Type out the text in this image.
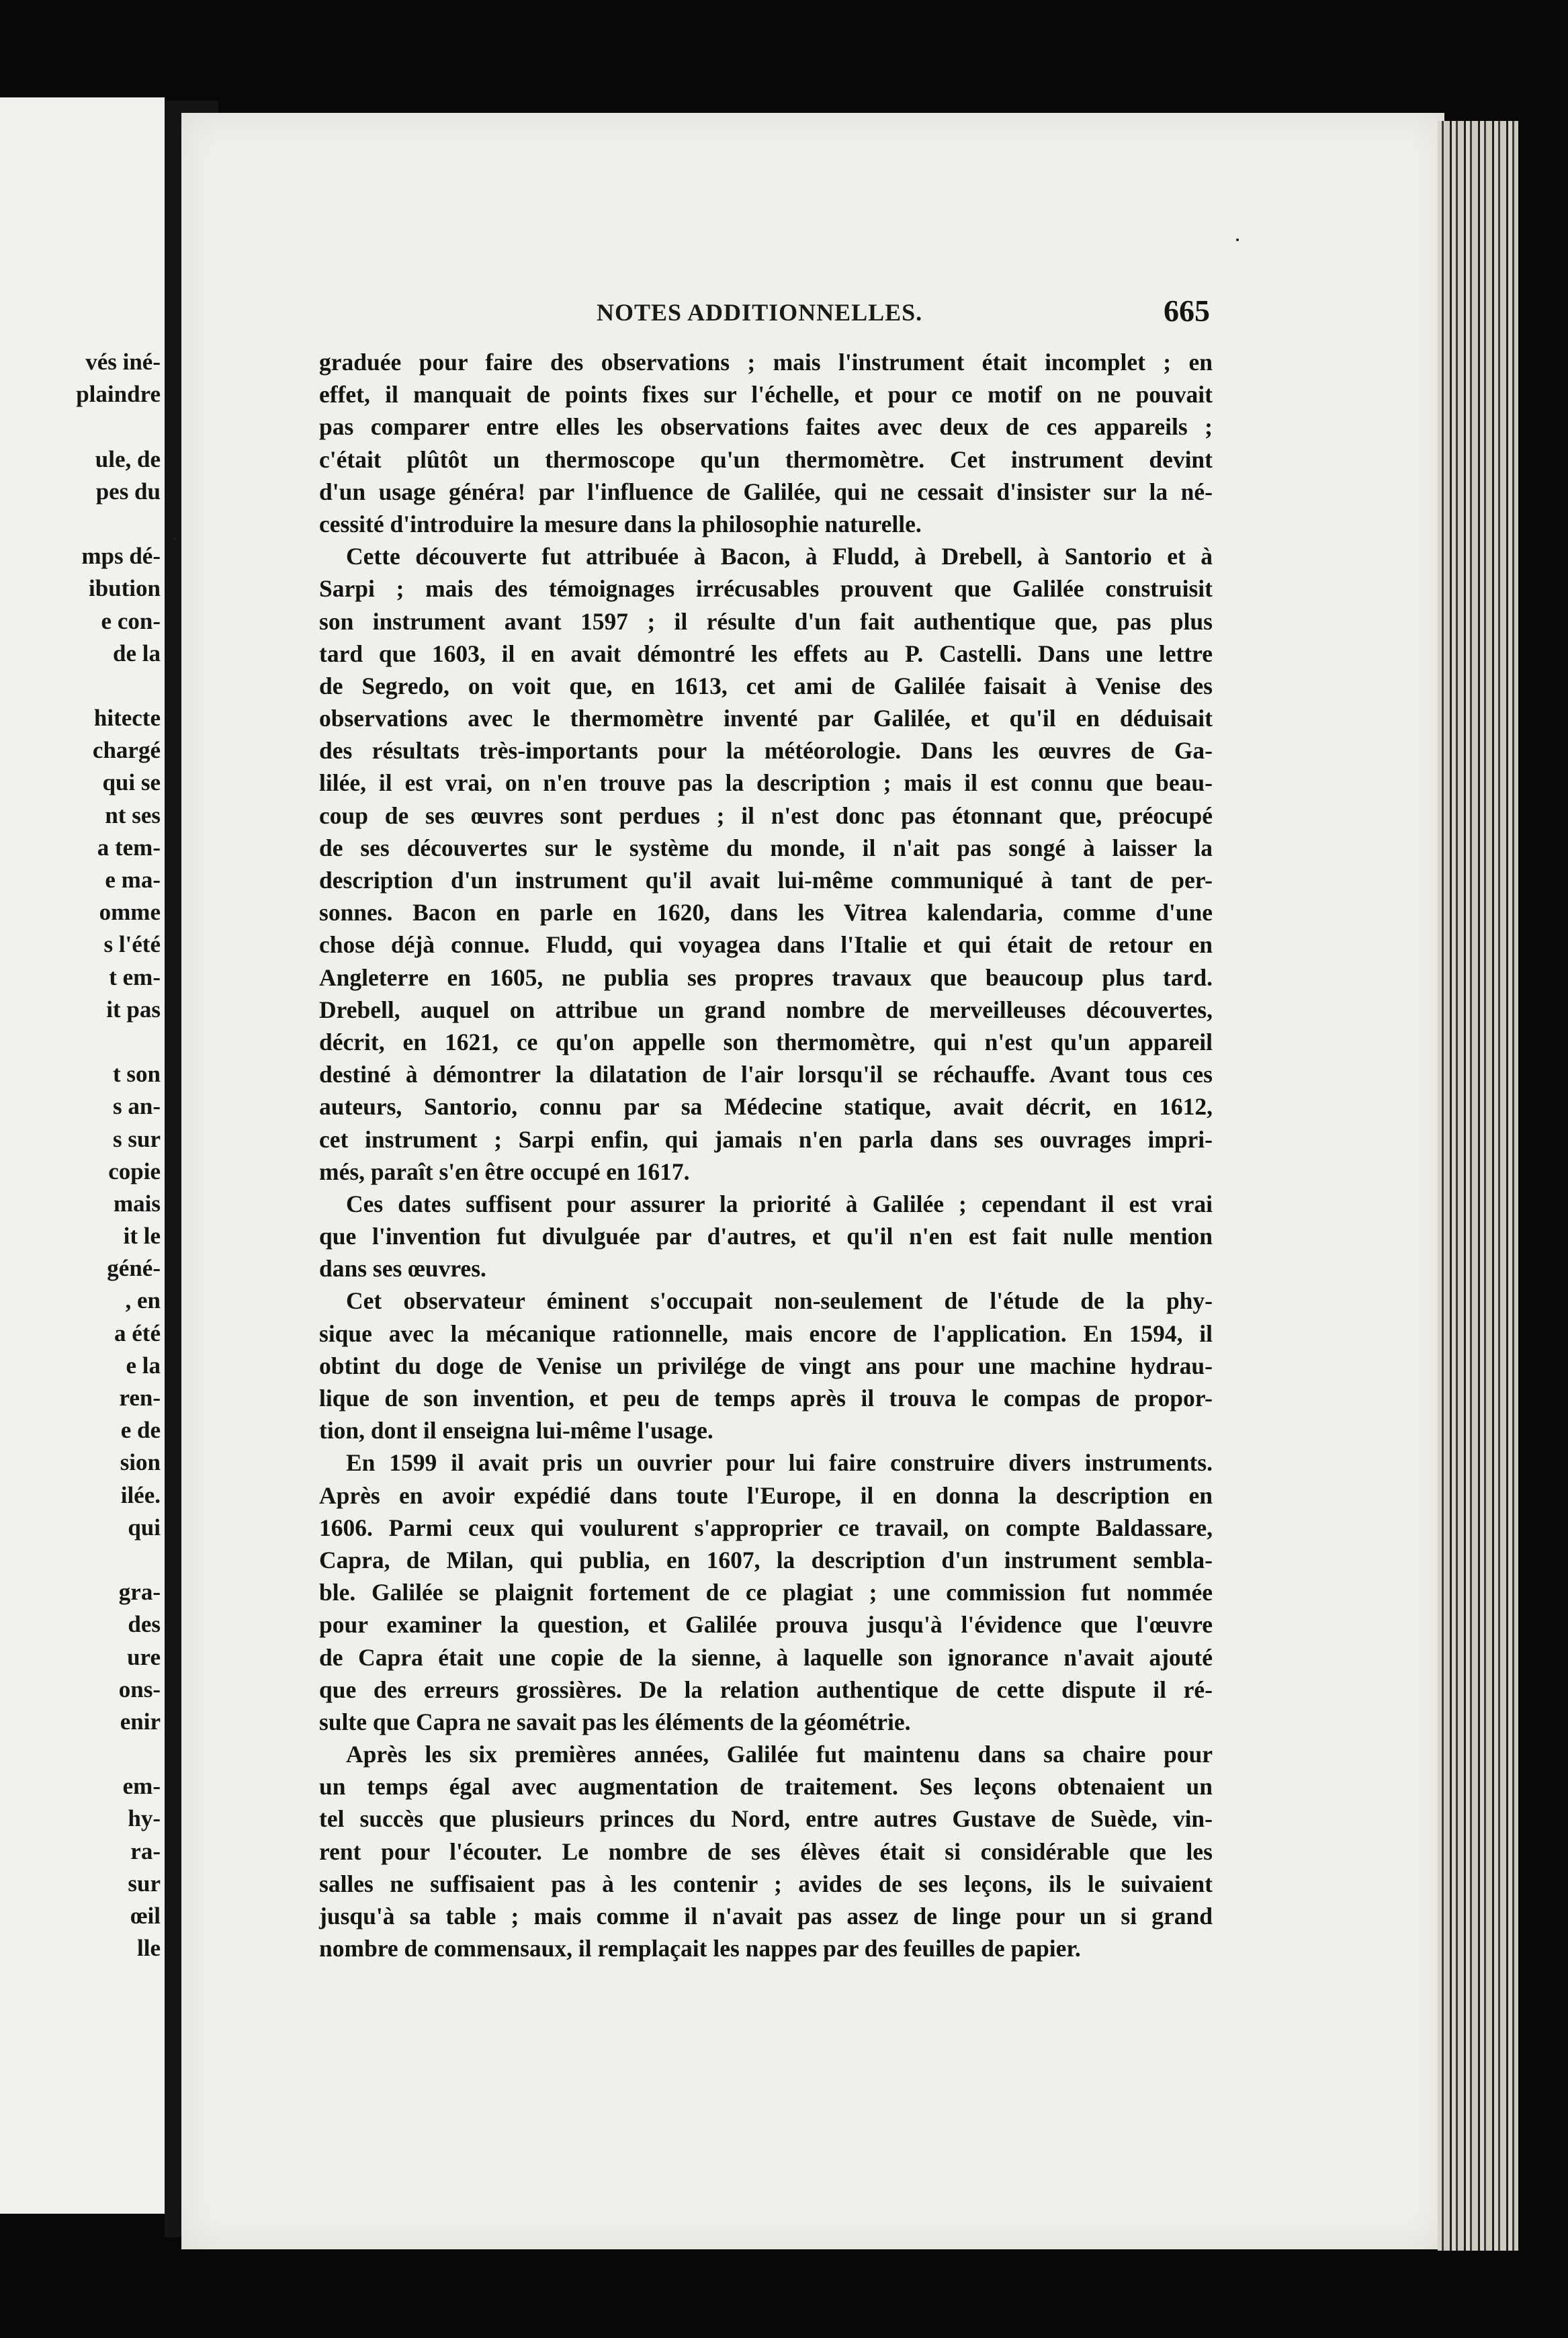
vés iné-
plaindre
ule, de
pes du
mps dé-
ibution
e con-
de la
hitecte
chargé
qui se
nt ses
a tem-
e ma-
omme
s l'été
t em-
it pas
t son
s an-
s sur
copie
mais
it le
géné-
, en
a été
e la
ren-
e de
sion
ilée.
qui
gra-
des
ure
ons-
enir
em-
hy-
ra-
sur
œil
lle
NOTES ADDITIONNELLES.	665
graduée pour faire des observations ; mais l'instrument était incomplet ; en
effet, il manquait de points fixes sur l'échelle, et pour ce motif on ne pouvait
pas comparer entre elles les observations faites avec deux de ces appareils ;
c'était plûtôt un thermoscope qu'un thermomètre. Cet instrument devint
d'un usage généra! par l'influence de Galilée, qui ne cessait d'insister sur la né-
cessité d'introduire la mesure dans la philosophie naturelle.
Cette découverte fut attribuée à Bacon, à Fludd, à Drebell, à Santorio et à
Sarpi ; mais des témoignages irrécusables prouvent que Galilée construisit
son instrument avant 1597 ; il résulte d'un fait authentique que, pas plus
tard que 1603, il en avait démontré les effets au P. Castelli. Dans une lettre
de Segredo, on voit que, en 1613, cet ami de Galilée faisait à Venise des
observations avec le thermomètre inventé par Galilée, et qu'il en déduisait
des résultats très-importants pour la météorologie. Dans les œuvres de Ga-
lilée, il est vrai, on n'en trouve pas la description ; mais il est connu que beau-
coup de ses œuvres sont perdues ; il n'est donc pas étonnant que, préocupé
de ses découvertes sur le système du monde, il n'ait pas songé à laisser la
description d'un instrument qu'il avait lui-même communiqué à tant de per-
sonnes. Bacon en parle en 1620, dans les Vitrea kalendaria, comme d'une
chose déjà connue. Fludd, qui voyagea dans l'Italie et qui était de retour en
Angleterre en 1605, ne publia ses propres travaux que beaucoup plus tard.
Drebell, auquel on attribue un grand nombre de merveilleuses découvertes,
décrit, en 1621, ce qu'on appelle son thermomètre, qui n'est qu'un appareil
destiné à démontrer la dilatation de l'air lorsqu'il se réchauffe. Avant tous ces
auteurs, Santorio, connu par sa Médecine statique, avait décrit, en 1612,
cet instrument ; Sarpi enfin, qui jamais n'en parla dans ses ouvrages impri-
més, paraît s'en être occupé en 1617.
Ces dates suffisent pour assurer la priorité à Galilée ; cependant il est vrai
que l'invention fut divulguée par d'autres, et qu'il n'en est fait nulle mention
dans ses œuvres.
Cet observateur éminent s'occupait non-seulement de l'étude de la phy-
sique avec la mécanique rationnelle, mais encore de l'application. En 1594, il
obtint du doge de Venise un privilége de vingt ans pour une machine hydrau-
lique de son invention, et peu de temps après il trouva le compas de propor-
tion, dont il enseigna lui-même l'usage.
En 1599 il avait pris un ouvrier pour lui faire construire divers instruments.
Après en avoir expédié dans toute l'Europe, il en donna la description en
1606. Parmi ceux qui voulurent s'approprier ce travail, on compte Baldassare,
Capra, de Milan, qui publia, en 1607, la description d'un instrument sembla-
ble. Galilée se plaignit fortement de ce plagiat ; une commission fut nommée
pour examiner la question, et Galilée prouva jusqu'à l'évidence que l'œuvre
de Capra était une copie de la sienne, à laquelle son ignorance n'avait ajouté
que des erreurs grossières. De la relation authentique de cette dispute il ré-
sulte que Capra ne savait pas les éléments de la géométrie.
Après les six premières années, Galilée fut maintenu dans sa chaire pour
un temps égal avec augmentation de traitement. Ses leçons obtenaient un
tel succès que plusieurs princes du Nord, entre autres Gustave de Suède, vin-
rent pour l'écouter. Le nombre de ses élèves était si considérable que les
salles ne suffisaient pas à les contenir ; avides de ses leçons, ils le suivaient
jusqu'à sa table ; mais comme il n'avait pas assez de linge pour un si grand
nombre de commensaux, il remplaçait les nappes par des feuilles de papier.
